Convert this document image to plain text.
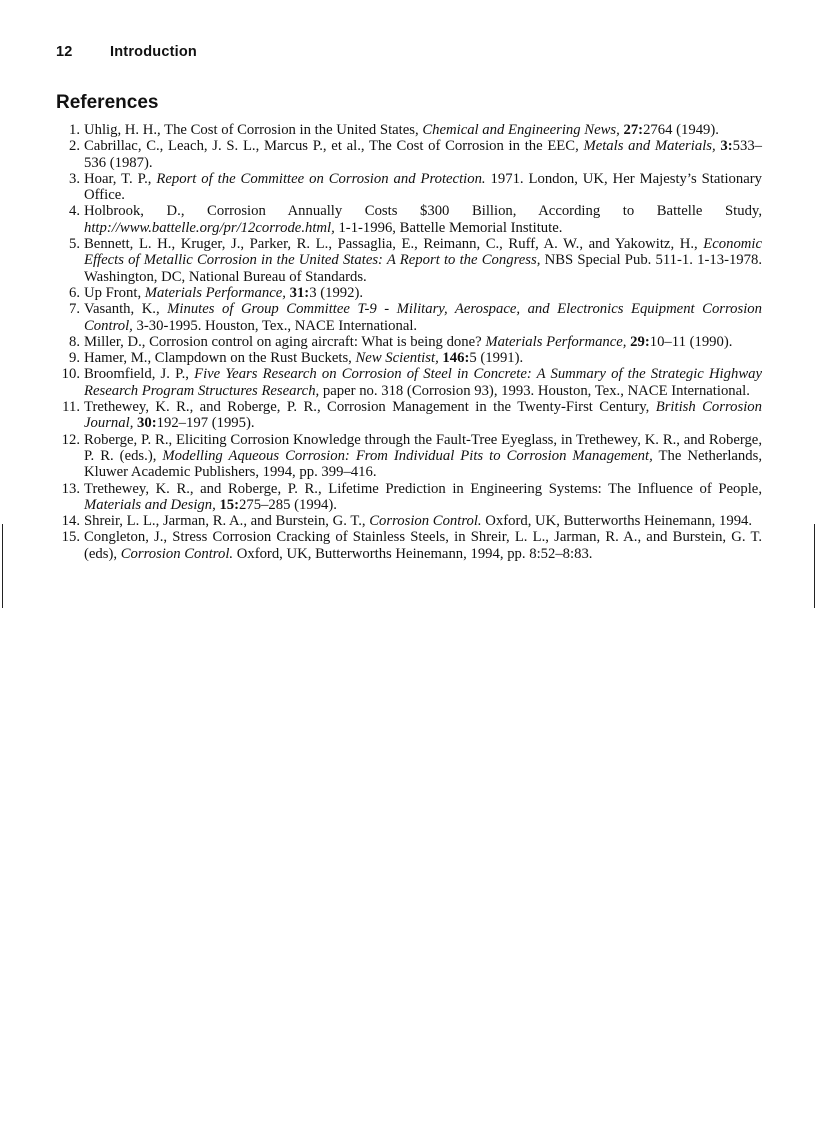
12	Introduction
References
1. Uhlig, H. H., The Cost of Corrosion in the United States, Chemical and Engineering News, 27:2764 (1949).
2. Cabrillac, C., Leach, J. S. L., Marcus P., et al., The Cost of Corrosion in the EEC, Metals and Materials, 3:533–536 (1987).
3. Hoar, T. P., Report of the Committee on Corrosion and Protection. 1971. London, UK, Her Majesty’s Stationary Office.
4. Holbrook, D., Corrosion Annually Costs $300 Billion, According to Battelle Study, http://www.battelle.org/pr/12corrode.html, 1-1-1996, Battelle Memorial Institute.
5. Bennett, L. H., Kruger, J., Parker, R. L., Passaglia, E., Reimann, C., Ruff, A. W., and Yakowitz, H., Economic Effects of Metallic Corrosion in the United States: A Report to the Congress, NBS Special Pub. 511-1. 1-13-1978. Washington, DC, National Bureau of Standards.
6. Up Front, Materials Performance, 31:3 (1992).
7. Vasanth, K., Minutes of Group Committee T-9 - Military, Aerospace, and Electronics Equipment Corrosion Control, 3-30-1995. Houston, Tex., NACE International.
8. Miller, D., Corrosion control on aging aircraft: What is being done? Materials Performance, 29:10–11 (1990).
9. Hamer, M., Clampdown on the Rust Buckets, New Scientist, 146:5 (1991).
10. Broomfield, J. P., Five Years Research on Corrosion of Steel in Concrete: A Summary of the Strategic Highway Research Program Structures Research, paper no. 318 (Corrosion 93), 1993. Houston, Tex., NACE International.
11. Trethewey, K. R., and Roberge, P. R., Corrosion Management in the Twenty-First Century, British Corrosion Journal, 30:192–197 (1995).
12. Roberge, P. R., Eliciting Corrosion Knowledge through the Fault-Tree Eyeglass, in Trethewey, K. R., and Roberge, P. R. (eds.), Modelling Aqueous Corrosion: From Individual Pits to Corrosion Management, The Netherlands, Kluwer Academic Publishers, 1994, pp. 399–416.
13. Trethewey, K. R., and Roberge, P. R., Lifetime Prediction in Engineering Systems: The Influence of People, Materials and Design, 15:275–285 (1994).
14. Shreir, L. L., Jarman, R. A., and Burstein, G. T., Corrosion Control. Oxford, UK, Butterworths Heinemann, 1994.
15. Congleton, J., Stress Corrosion Cracking of Stainless Steels, in Shreir, L. L., Jarman, R. A., and Burstein, G. T. (eds), Corrosion Control. Oxford, UK, Butterworths Heinemann, 1994, pp. 8:52–8:83.
